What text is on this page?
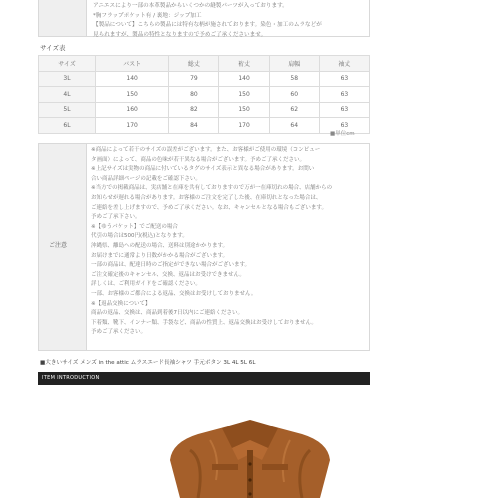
アニエスにより一部の本革製品からいくつかの縫製パーツが入っております。
*胸フラップポケット有 / 裏地：ジップ加工
【製品について】こちらの製品には特有な柄が施されております。染色・加工のムラなどが
見られますが、製品の特性となりますので予めご了承くださいませ。
サイズ表
サイズ	バスト	総丈	裄丈	肩幅	袖丈
3L	140	79	140	58	63
4L	150	80	150	60	63
5L	160	82	150	62	63
6L	170	84	170	64	63
■単位cm
ご注意
※商品によって若干のサイズの誤差がございます。また、お客様がご使用の環境（コンピュー
タ画面）によって、商品の色味が若干異なる場合がございます。予めご了承ください。
※上記サイズは実物の商品に付いているタグのサイズ表示と異なる場合があります。お問い
合い商品詳細ページの記載をご確認下さい。
※当方での掲載商品は、実店舗と在庫を共有しておりますので万が一在庫切れの場合、店舗からの
お知らせが遅れる場合があります。お客様のご注文を完了した後、在庫切れとなった場合は、
ご連絡を差し上げますので、予めご了承ください。なお、キャンセルとなる場合もございます。
予めご了承下さい。
※【ゆうパケット】でご配送の場合
代引の場合は500円(税込)となります。
沖縄県、離島への配送の場合、送料は別途かかります。
お届けまでに通常より日数がかかる場合がございます。
一部の商品は、配達日時のご指定ができない場合がございます。
ご注文確定後のキャンセル、交換、返品はお受けできません。
詳しくは、ご利用ガイドをご確認ください。
一部、お客様のご都合による返品、交換はお受けしておりません。
※【返品交換について】
商品の返品、交換は、商品到着後7日以内にご連絡ください。
下着類、靴下、インナー類、手袋など、商品の性質上、返品交換はお受けしておりません。
予めご了承ください。
■大きいサイズ メンズ in the attic ムラスエード長袖シャツ 手元ボタン 3L 4L 5L 6L
ITEM INTRODUCTION
